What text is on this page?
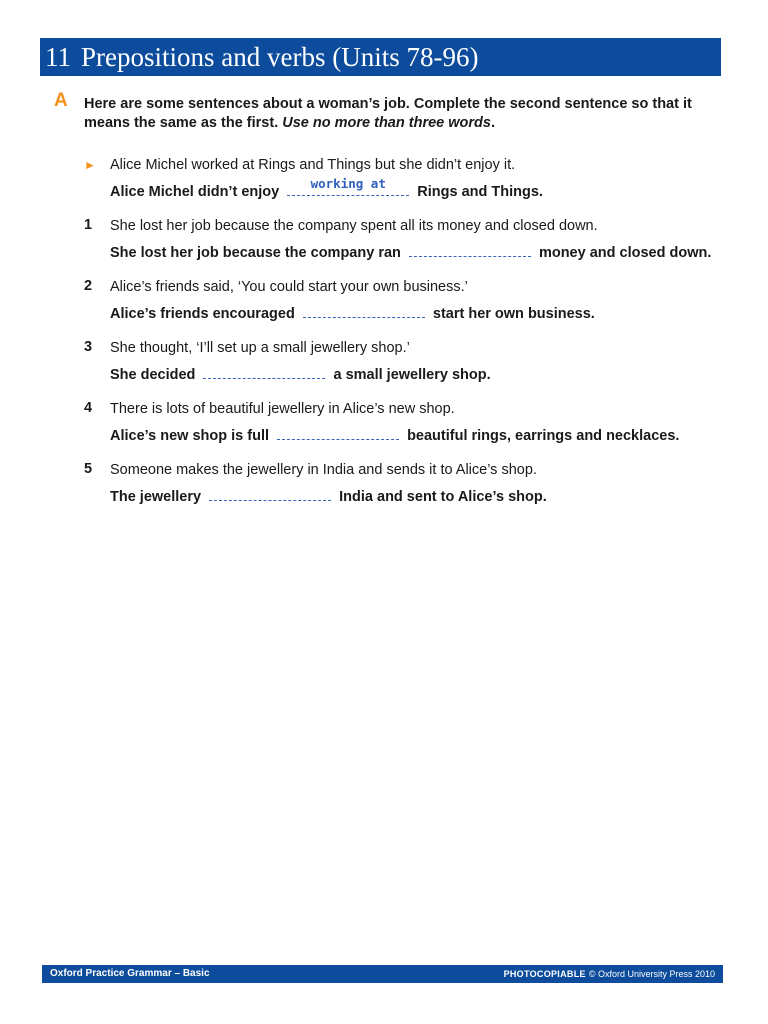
11 Prepositions and verbs (Units 78-96)
A Here are some sentences about a woman’s job. Complete the second sentence so that it means the same as the first. Use no more than three words.
► Alice Michel worked at Rings and Things but she didn’t enjoy it.
Alice Michel didn’t enjoy
working at
Rings and Things.
1 She lost her job because the company spent all its money and closed down.
She lost her job because the company ran	money and closed down.
2 Alice’s friends said, ‘You could start your own business.’
Alice’s friends encouraged	start her own business.
3 She thought, ‘I’ll set up a small jewellery shop.’
She decided	a small jewellery shop.
4 There is lots of beautiful jewellery in Alice’s new shop.
Alice’s new shop is full	beautiful rings, earrings and necklaces.
5 Someone makes the jewellery in India and sends it to Alice’s shop.
The jewellery	India and sent to Alice’s shop.
Oxford Practice Grammar – Basic	PHOTOCOPIABLE © Oxford University Press 2010
